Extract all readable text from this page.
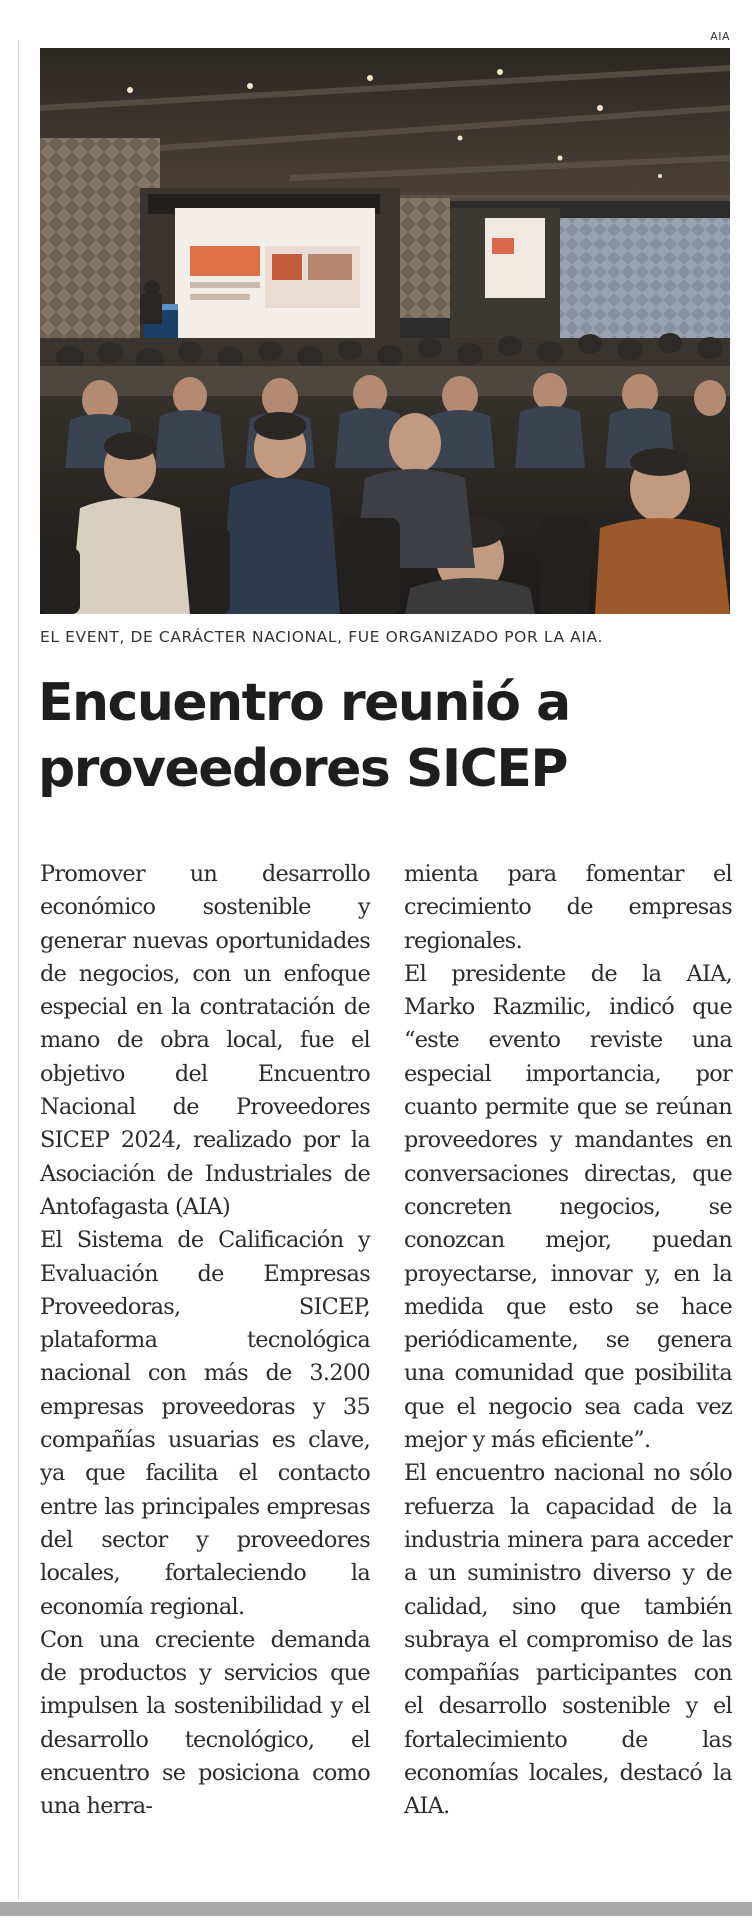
AIA
EL EVENT, DE CARÁCTER NACIONAL, FUE ORGANIZADO POR LA AIA.
Encuentro reunió a
proveedores SICEP

Promover un desarrollo económico sostenible y generar nuevas oportunidades de negocios, con un enfoque especial en la contratación de mano de obra local, fue el objetivo del Encuentro Nacional de Proveedores SICEP 2024, realizado por la Asociación de Industriales de Antofagasta (AIA)

El Sistema de Calificación y Evaluación de Empresas Proveedoras, SICEP, plataforma tecnológica nacional con más de 3.200 empresas proveedoras y 35 compañías usuarias es clave, ya que facilita el contacto entre las principales empresas del sector y proveedores locales, fortaleciendo la economía regional.

Con una creciente demanda de productos y servicios que impulsen la sostenibilidad y el desarrollo tecnológico, el encuentro se posiciona como una herra-

mienta para fomentar el crecimiento de empresas regionales.

El presidente de la AIA, Marko Razmilic, indicó que “este evento reviste una especial importancia, por cuanto permite que se reúnan proveedores y mandantes en conversaciones directas, que concreten negocios, se conozcan mejor, puedan proyectarse, innovar y, en la medida que esto se hace periódicamente, se genera una comunidad que posibilita que el negocio sea cada vez mejor y más eficiente”.

El encuentro nacional no sólo refuerza la capacidad de la industria minera para acceder a un suministro diverso y de calidad, sino que también subraya el compromiso de las compañías participantes con el desarrollo sostenible y el fortalecimiento de las economías locales, destacó la AIA.
